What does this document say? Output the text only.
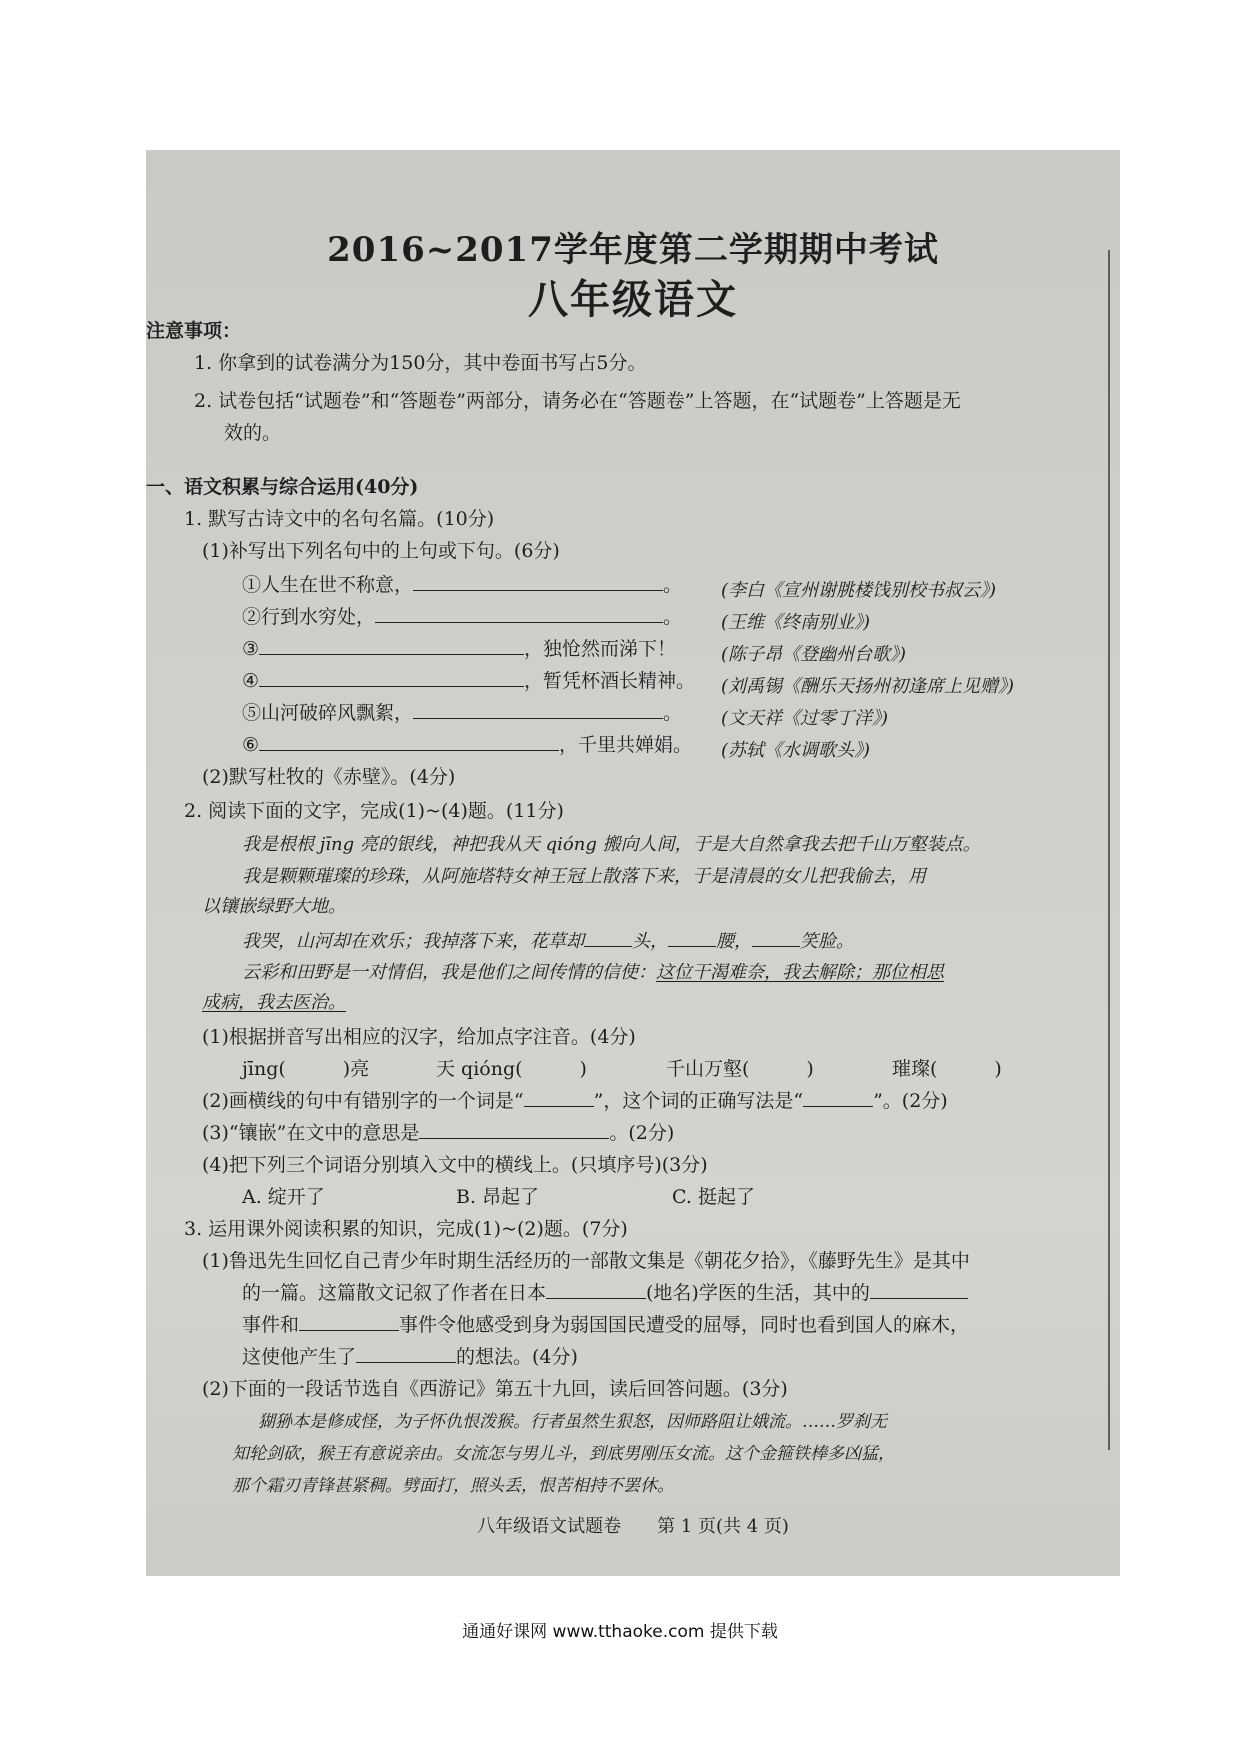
2016~2017学年度第二学期期中考试
八年级语文
注意事项：
1. 你拿到的试卷满分为150分，其中卷面书写占5分。
2. 试卷包括“试题卷”和“答题卷”两部分，请务必在“答题卷”上答题，在“试题卷”上答题是无
效的。
一、语文积累与综合运用(40分)
1. 默写古诗文中的名句名篇。(10分)
(1)补写出下列名句中的上句或下句。(6分)
①人生在世不称意，	。 (李白《宣州谢朓楼饯别校书叔云》)
②行到水穷处，	。 (王维《终南别业》)
③	，独怆然而涕下！ (陈子昂《登幽州台歌》)
④	，暂凭杯酒长精神。 (刘禹锡《酬乐天扬州初逢席上见赠》)
⑤山河破碎风飘絮，	。 (文天祥《过零丁洋》)
⑥	，千里共婵娟。 (苏轼《水调歌头》)
(2)默写杜牧的《赤壁》。(4分)
2. 阅读下面的文字，完成(1)~(4)题。(11分)
我是根根 jīng 亮的银线，神把我从天 qióng 搬向人间，于是大自然拿我去把千山万壑装点。
我是颗颗璀璨的珍珠，从阿施塔特女神王冠上散落下来，于是清晨的女儿把我偷去，用
以镶嵌绿野大地。
我哭，山河却在欢乐；我掉落下来，花草却	头，	腰，	笑脸。
云彩和田野是一对情侣，我是他们之间传情的信使：这位干渴难奈，我去解除；那位相思
成病，我去医治。
(1)根据拼音写出相应的汉字，给加点字注音。(4分)
jīng(　　　)亮	天 qióng(　　　)	千山万壑(　　　)	璀璨(　　　)
(2)画横线的句中有错别字的一个词是“	”，这个词的正确写法是“	”。(2分)
(3)“镶嵌”在文中的意思是	。(2分)
(4)把下列三个词语分别填入文中的横线上。(只填序号)(3分)
A. 绽开了	B. 昂起了	C. 挺起了
3. 运用课外阅读积累的知识，完成(1)~(2)题。(7分)
(1)鲁迅先生回忆自己青少年时期生活经历的一部散文集是《朝花夕拾》，《藤野先生》是其中
的一篇。这篇散文记叙了作者在日本	(地名)学医的生活，其中的
事件和	事件令他感受到身为弱国国民遭受的屈辱，同时也看到国人的麻木，
这使他产生了	的想法。(4分)
(2)下面的一段话节选自《西游记》第五十九回，读后回答问题。(3分)
猢狲本是修成怪，为子怀仇恨泼猴。行者虽然生狠怒，因师路阻让娥流。……罗刹无
知轮剑砍，猴王有意说亲由。女流怎与男儿斗，到底男刚压女流。这个金箍铁棒多凶猛，
那个霜刃青锋甚紧稠。劈面打，照头丢，恨苦相持不罢休。
八年级语文试题卷　　第 1 页(共 4 页)
通通好课网 www.tthaoke.com 提供下载
